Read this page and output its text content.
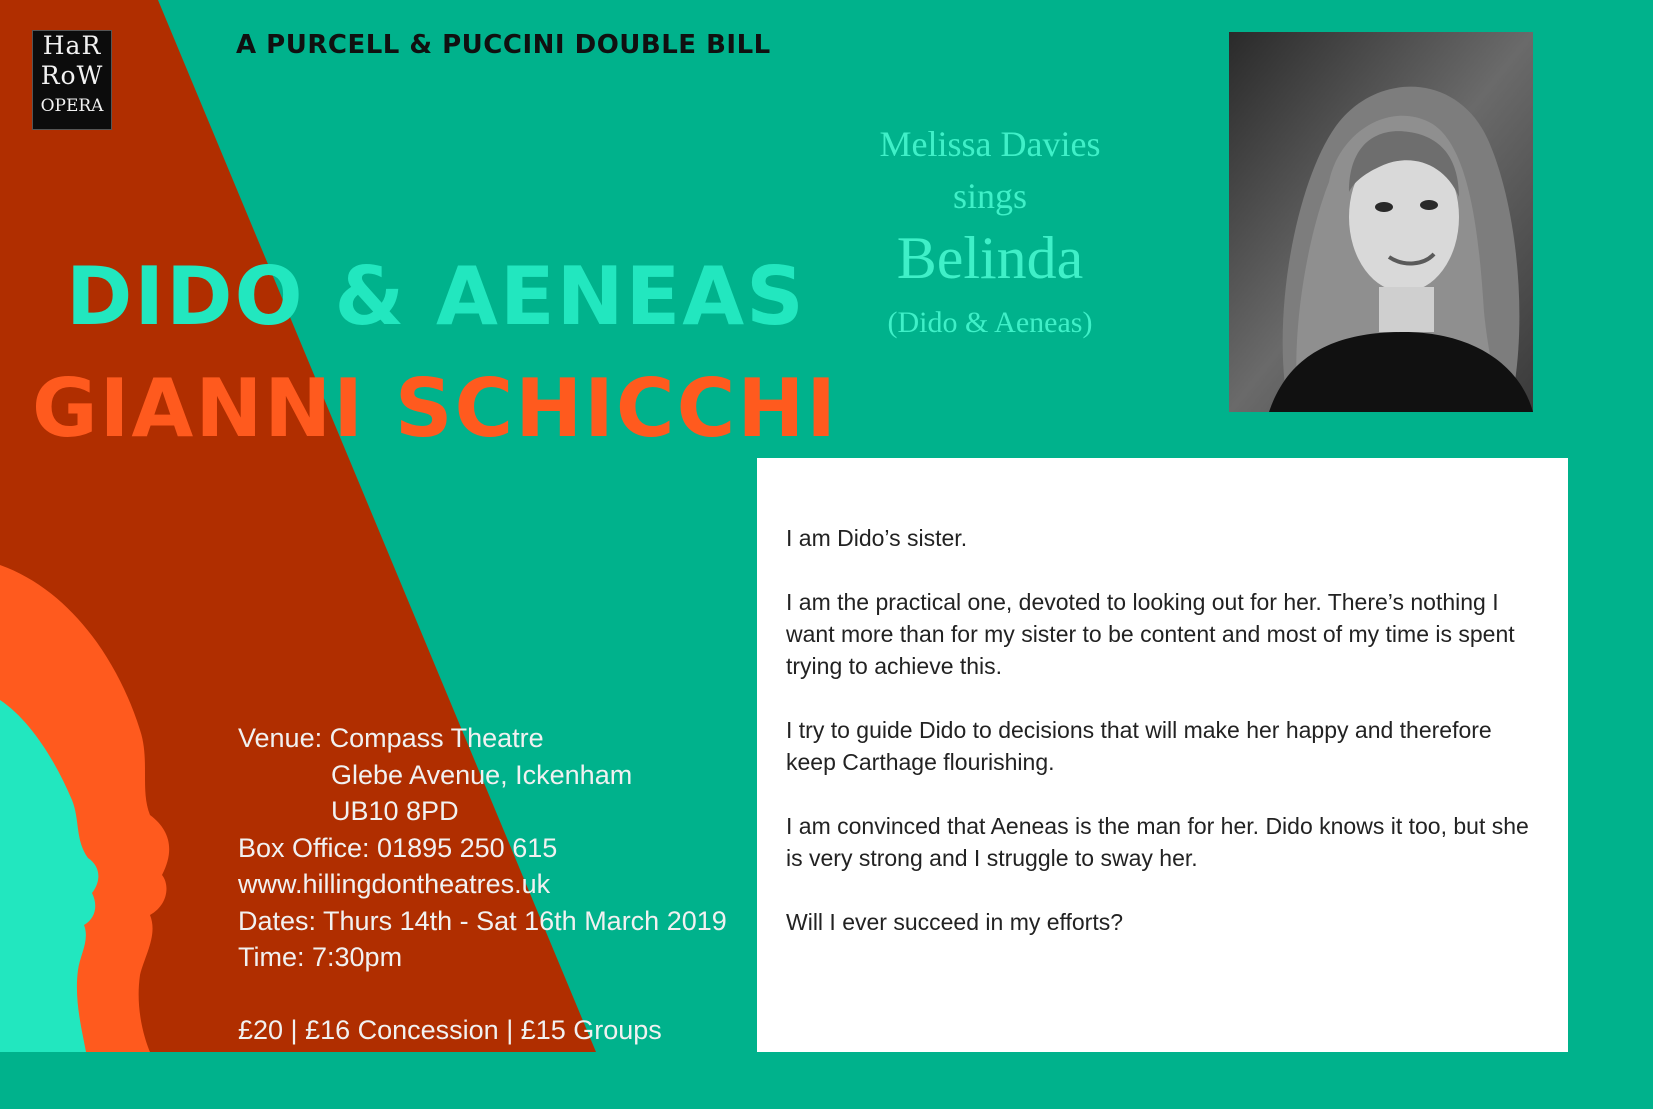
HaR
RoW
OPERA
A PURCELL & PUCCINI DOUBLE BILL
DIDO & AENEAS
GIANNI SCHICCHI
Venue: Compass Theatre
Glebe Avenue, Ickenham
UB10 8PD
Box Office: 01895 250 615
www.hillingdontheatres.uk
Dates: Thurs 14th - Sat 16th March 2019
Time: 7:30pm
£20 | £16 Concession | £15 Groups
Melissa Davies
sings
Belinda
(Dido & Aeneas)

I am Dido’s sister.

I am the practical one, devoted to looking out for her. There’s nothing I want more than for my sister to be content and most of my time is spent trying to achieve this.

I try to guide Dido to decisions that will make her happy and therefore keep Carthage flourishing.

I am convinced that Aeneas is the man for her. Dido knows it too, but she is very strong and I struggle to sway her.

Will I ever succeed in my efforts?
